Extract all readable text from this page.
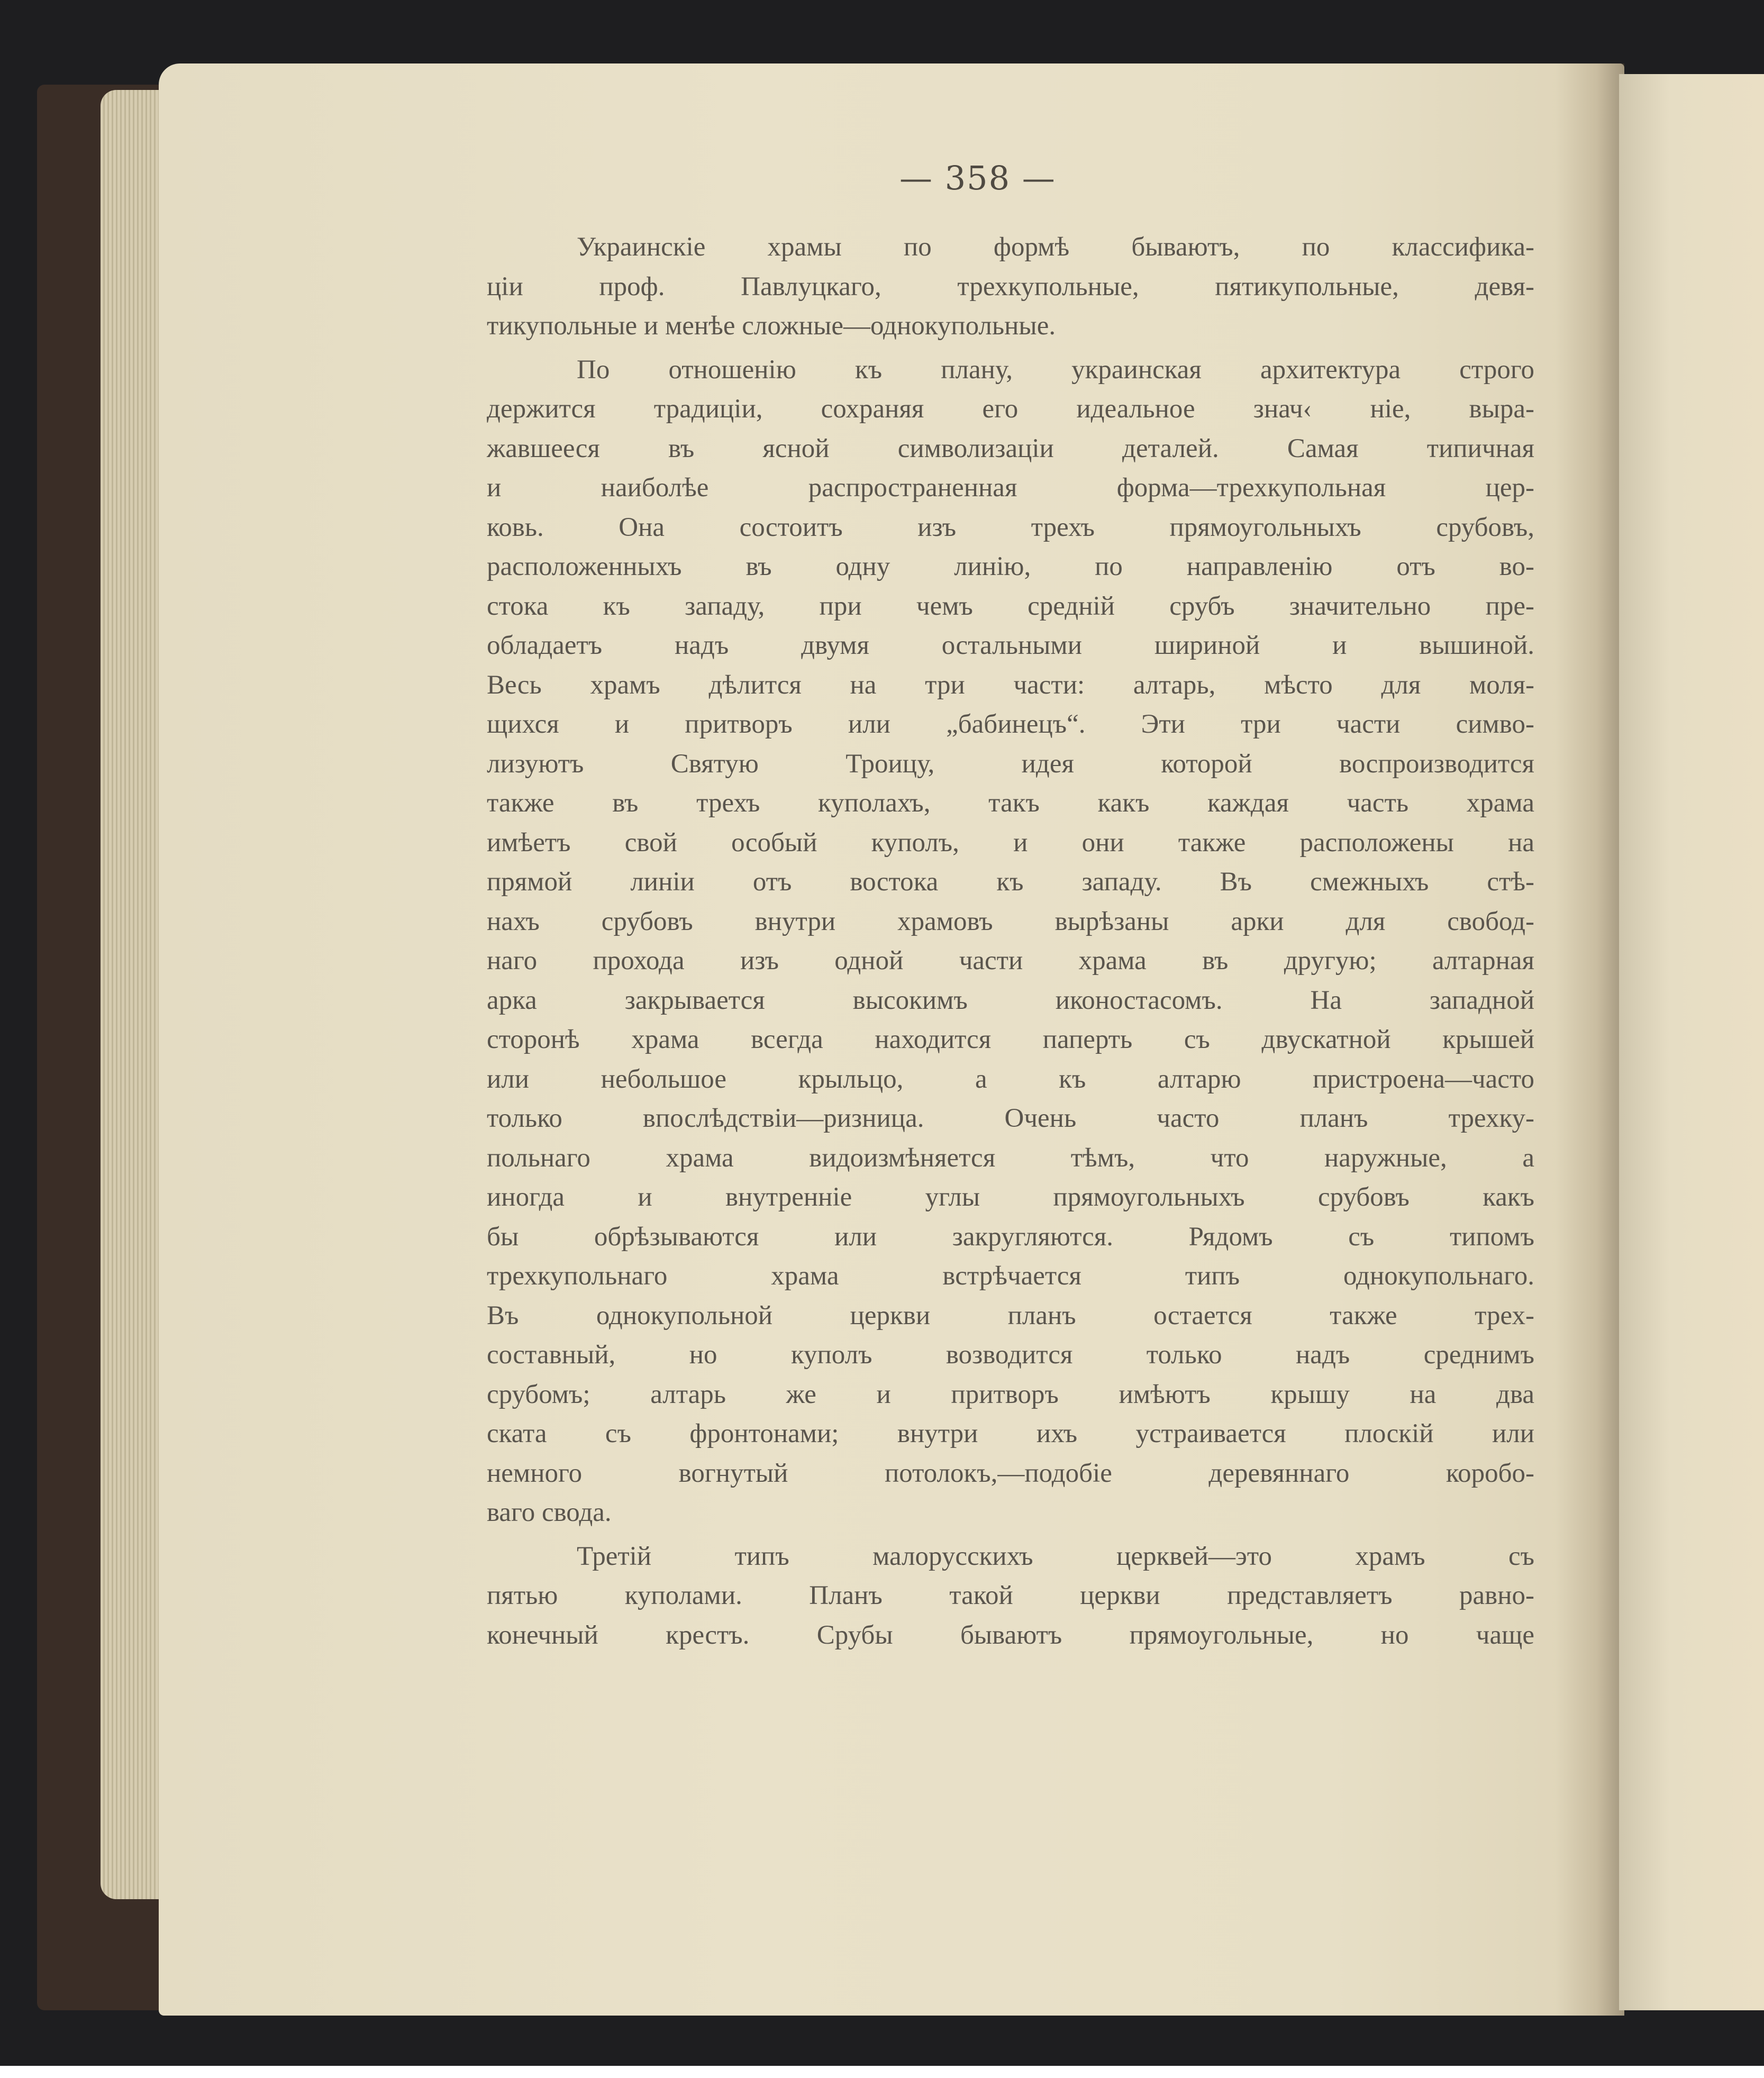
— 358 —
Украинскіе храмы по формѣ бываютъ, по классифика-
ціи проф. Павлуцкаго, трехкупольные, пятикупольные, девя-
тикупольные и менѣе сложные—однокупольные.
По отношенію къ плану, украинская архитектура строго
держится традиціи, сохраняя его идеальное знач‹ ніе, выра-
жавшееся въ ясной символизаціи деталей. Самая типичная
и наиболѣе распространенная форма—трехкупольная цер-
ковь. Она состоитъ изъ трехъ прямоугольныхъ срубовъ,
расположенныхъ въ одну линію, по направленію отъ во-
стока къ западу, при чемъ средній срубъ значительно пре-
обладаетъ надъ двумя остальными шириной и вышиной.
Весь храмъ дѣлится на три части: алтарь, мѣсто для моля-
щихся и притворъ или „бабинецъ“. Эти три части симво-
лизуютъ Святую Троицу, идея которой воспроизводится
также въ трехъ куполахъ, такъ какъ каждая часть храма
имѣетъ свой особый куполъ, и они также расположены на
прямой линіи отъ востока къ западу. Въ смежныхъ стѣ-
нахъ срубовъ внутри храмовъ вырѣзаны арки для свобод-
наго прохода изъ одной части храма въ другую; алтарная
арка закрывается высокимъ иконостасомъ. На западной
сторонѣ храма всегда находится паперть съ двускатной крышей
или небольшое крыльцо, а къ алтарю пристроена—часто
только впослѣдствіи—ризница. Очень часто планъ трехку-
польнаго храма видоизмѣняется тѣмъ, что наружные, а
иногда и внутренніе углы прямоугольныхъ срубовъ какъ
бы обрѣзываются или закругляются. Рядомъ съ типомъ
трехкупольнаго храма встрѣчается типъ однокупольнаго.
Въ однокупольной церкви планъ остается также трех-
составный, но куполъ возводится только надъ среднимъ
срубомъ; алтарь же и притворъ имѣютъ крышу на два
ската съ фронтонами; внутри ихъ устраивается плоскій или
немного вогнутый потолокъ,—подобіе деревяннаго коробо-
ваго свода.
Третій типъ малорусскихъ церквей—это храмъ съ
пятью куполами. Планъ такой церкви представляетъ равно-
конечный крестъ. Срубы бываютъ прямоугольные, но чаще
